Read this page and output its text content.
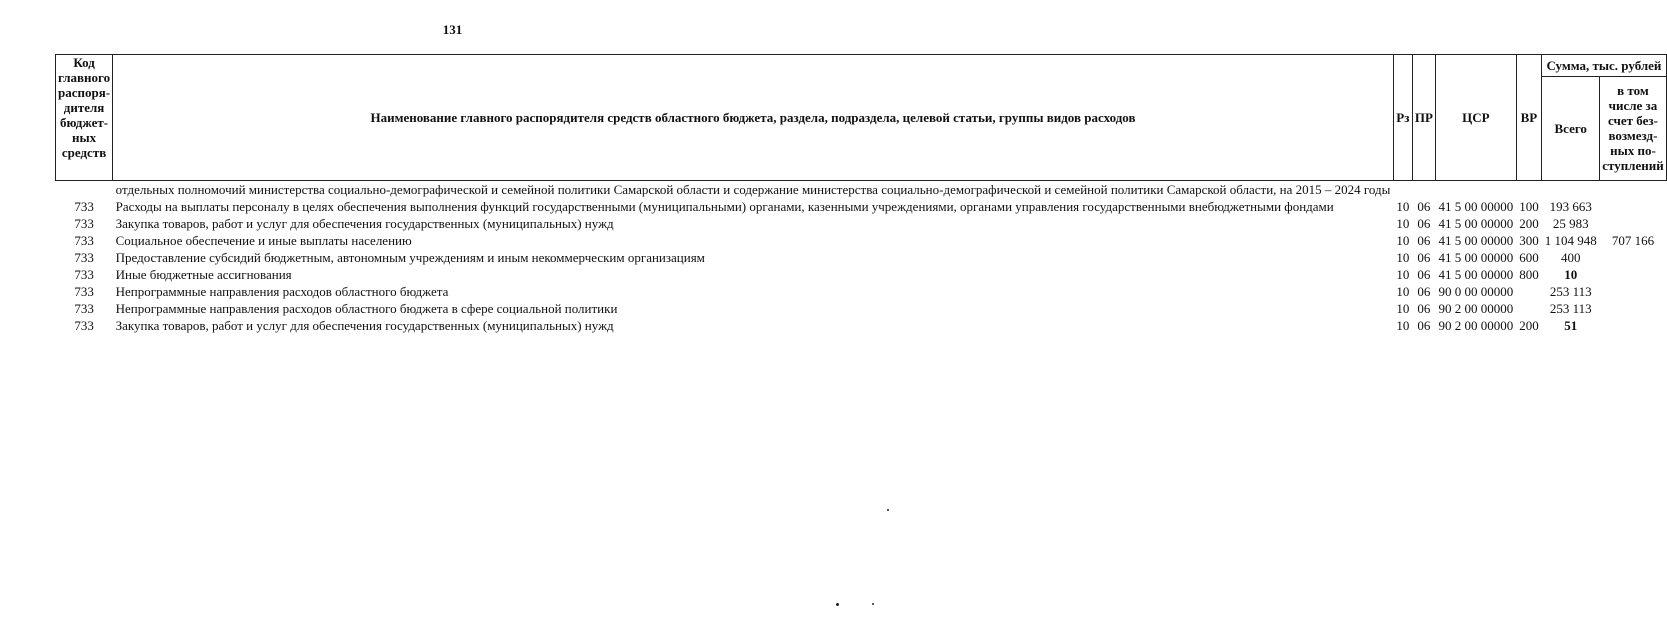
131
Код главного распоря-дителя бюджет-ных средств	Наименование главного распорядителя средств областного бюджета, раздела, подраздела, целевой статьи, группы видов расходов	Рз	ПР	ЦСР	ВР	Сумма, тыс. рублей	
						Всего	в том числе за счет без-возмезд-ных по-ступлений
	отдельных полномочий министерства социально-демографической и семейной политики Самарской области и содержание министерства социально-демографической и семейной политики Самарской области, на 2015 – 2024 годы						
733	Расходы на выплаты персоналу в целях обеспечения выполнения функций государственными (муниципальными) органами, казенными учреждениями, органами управления государственными внебюджетными фондами	10	06	41 5 00 00000	100	193 663	
733	Закупка товаров, работ и услуг для обеспечения государственных (муниципальных) нужд	10	06	41 5 00 00000	200	25 983	
733	Социальное обеспечение и иные выплаты населению	10	06	41 5 00 00000	300	1 104 948	707 166
733	Предоставление субсидий бюджетным, автономным учреждениям и иным некоммерческим организациям	10	06	41 5 00 00000	600	400	
733	Иные бюджетные ассигнования	10	06	41 5 00 00000	800	10	
733	Непрограммные направления расходов областного бюджета	10	06	90 0 00 00000		253 113	
733	Непрограммные направления расходов областного бюджета в сфере социальной политики	10	06	90 2 00 00000		253 113	
733	Закупка товаров, работ и услуг для обеспечения государственных (муниципальных) нужд	10	06	90 2 00 00000	200	51	
